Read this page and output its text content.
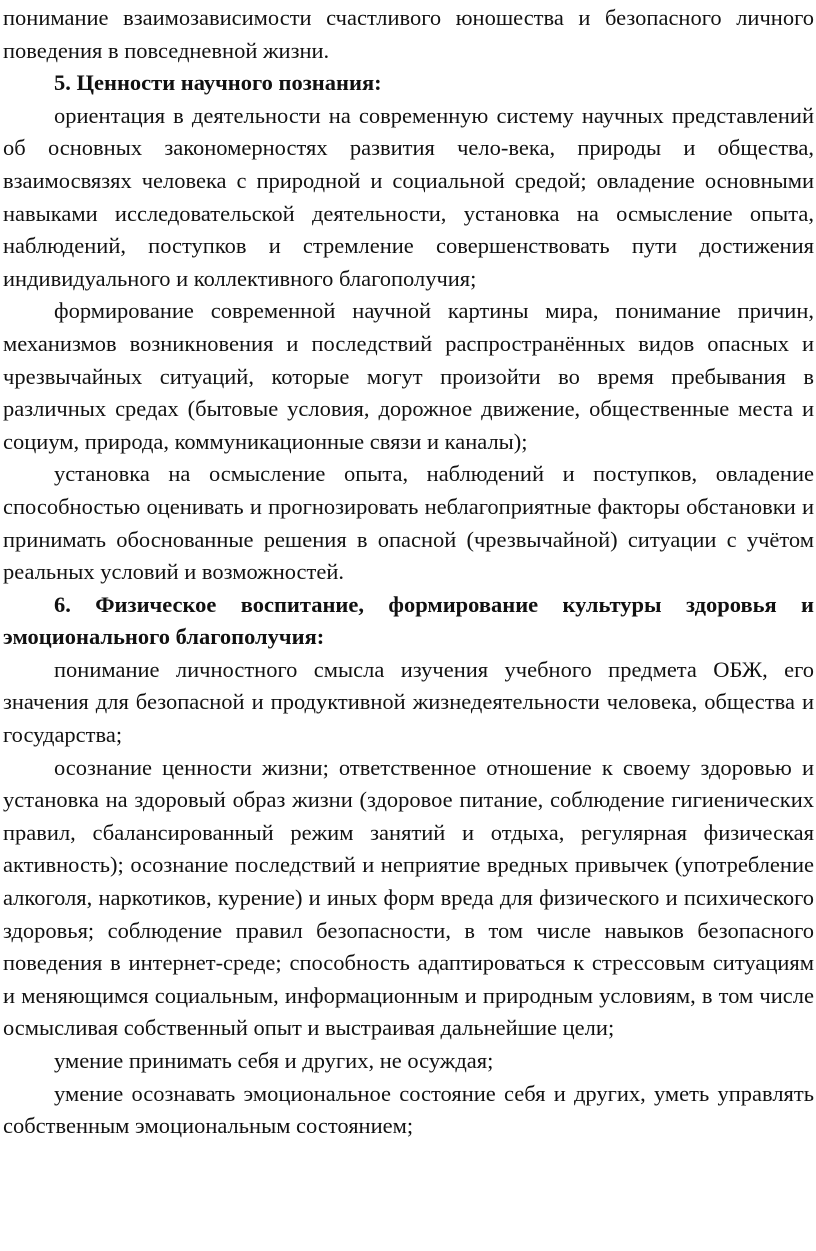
понимание взаимозависимости счастливого юношества и безопасного личного поведения в повседневной жизни.

5. Ценности научного познания:

ориентация в деятельности на современную систему научных представлений об основных закономерностях развития чело-века, природы и общества, взаимосвязях человека с природной и социальной средой; овладение основными навыками исследовательской деятельности, установка на осмысление опыта, наблюдений, поступков и стремление совершенствовать пути достижения индивидуального и коллективного благополучия;

формирование современной научной картины мира, понимание причин, механизмов возникновения и последствий распространённых видов опасных и чрезвычайных ситуаций, которые могут произойти во время пребывания в различных средах (бытовые условия, дорожное движение, общественные места и социум, природа, коммуникационные связи и каналы);

установка на осмысление опыта, наблюдений и поступков, овладение способностью оценивать и прогнозировать неблагоприятные факторы обстановки и принимать обоснованные решения в опасной (чрезвычайной) ситуации с учётом реальных условий и возможностей.

6. Физическое воспитание, формирование культуры здоровья и эмоционального благополучия:

понимание личностного смысла изучения учебного предмета ОБЖ, его значения для безопасной и продуктивной жизнедеятельности человека, общества и государства;

осознание ценности жизни; ответственное отношение к своему здоровью и установка на здоровый образ жизни (здоровое питание, соблюдение гигиенических правил, сбалансированный режим занятий и отдыха, регулярная физическая активность); осознание последствий и неприятие вредных привычек (употребление алкоголя, наркотиков, курение) и иных форм вреда для физического и психического здоровья; соблюдение правил безопасности, в том числе навыков безопасного поведения в интернет-среде; способность адаптироваться к стрессовым ситуациям и меняющимся социальным, информационным и природным условиям, в том числе осмысливая собственный опыт и выстраивая дальнейшие цели;

умение принимать себя и других, не осуждая;

умение осознавать эмоциональное состояние себя и других, уметь управлять собственным эмоциональным состоянием;
